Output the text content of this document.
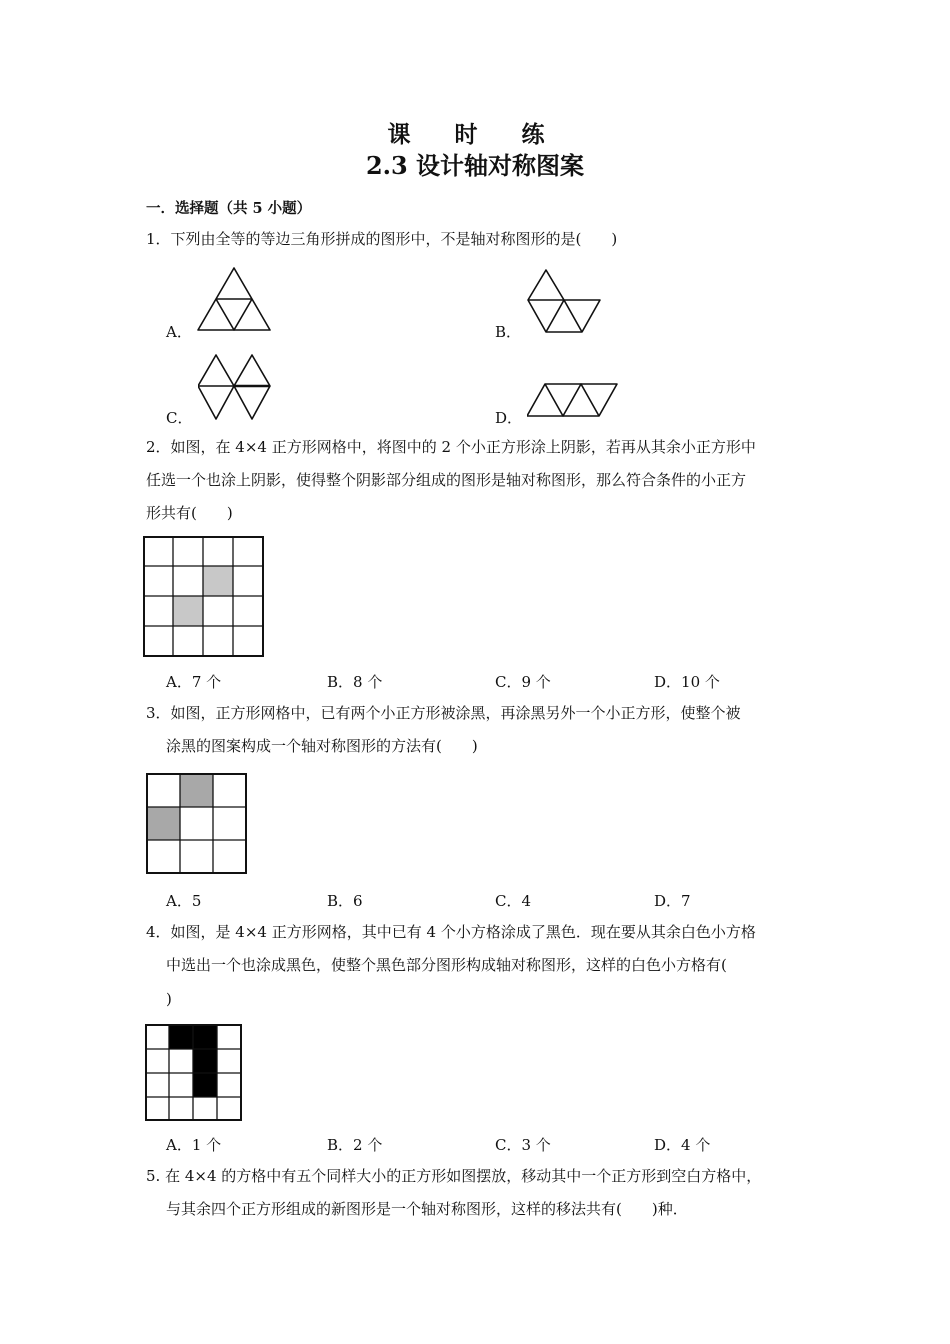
课 时 练
2.3 设计轴对称图案
一．选择题（共 5 小题）
1．下列由全等的等边三角形拼成的图形中，不是轴对称图形的是(　　)
A．	B．
C．	D．
2．如图，在 4×4 正方形网格中，将图中的 2 个小正方形涂上阴影，若再从其余小正方形中
任选一个也涂上阴影，使得整个阴影部分组成的图形是轴对称图形，那么符合条件的小正方
形共有(　　)
A．7 个	B．8 个	C．9 个	D．10 个
3．如图，正方形网格中，已有两个小正方形被涂黑，再涂黑另外一个小正方形，使整个被
涂黑的图案构成一个轴对称图形的方法有(　　)
A．5	B．6	C．4	D．7
4．如图，是 4×4 正方形网格，其中已有 4 个小方格涂成了黑色．现在要从其余白色小方格
中选出一个也涂成黑色，使整个黑色部分图形构成轴对称图形，这样的白色小方格有(
)
A．1 个	B．2 个	C．3 个	D．4 个
5. 在 4×4 的方格中有五个同样大小的正方形如图摆放，移动其中一个正方形到空白方格中，
与其余四个正方形组成的新图形是一个轴对称图形，这样的移法共有(　　)种．
